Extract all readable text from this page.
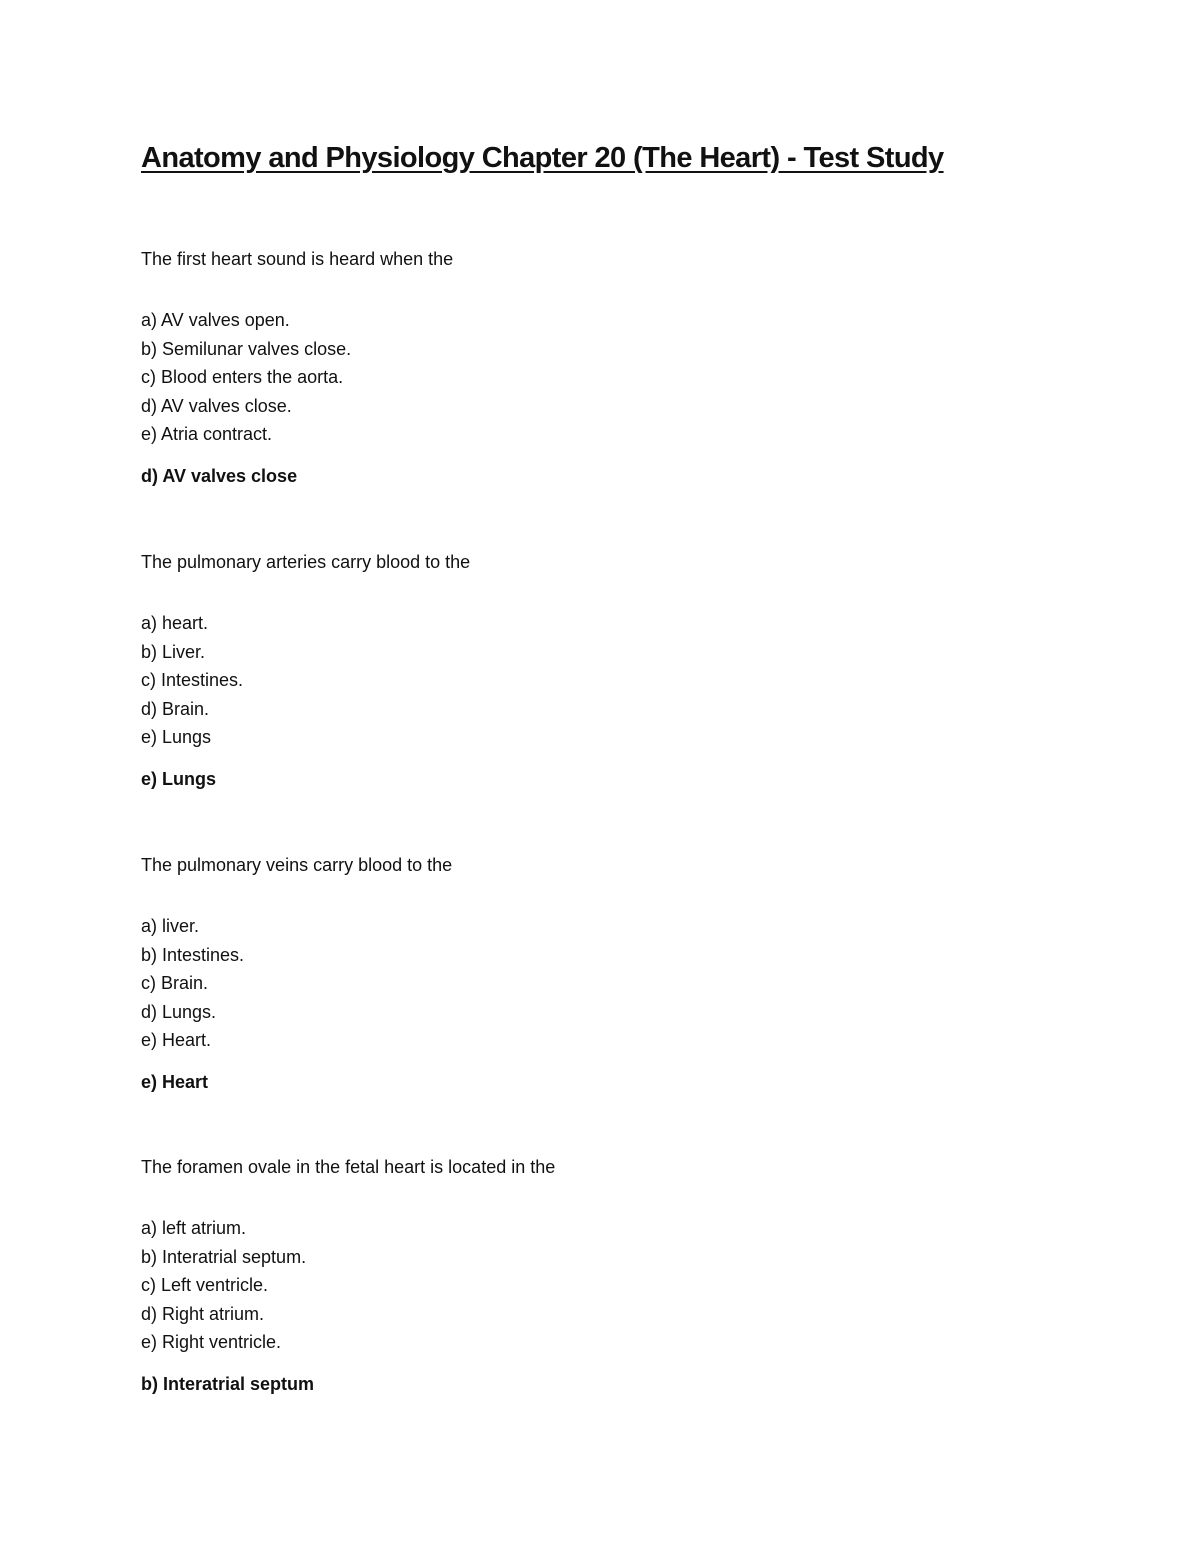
Anatomy and Physiology Chapter 20 (The Heart) - Test Study

The first heart sound is heard when the

a) AV valves open.
b) Semilunar valves close.
c) Blood enters the aorta.
d) AV valves close.
e) Atria contract.

d) AV valves close

The pulmonary arteries carry blood to the

a) heart.
b) Liver.
c) Intestines.
d) Brain.
e) Lungs

e) Lungs

The pulmonary veins carry blood to the

a) liver.
b) Intestines.
c) Brain.
d) Lungs.
e) Heart.

e) Heart

The foramen ovale in the fetal heart is located in the

a) left atrium.
b) Interatrial septum.
c) Left ventricle.
d) Right atrium.
e) Right ventricle.

b) Interatrial septum
